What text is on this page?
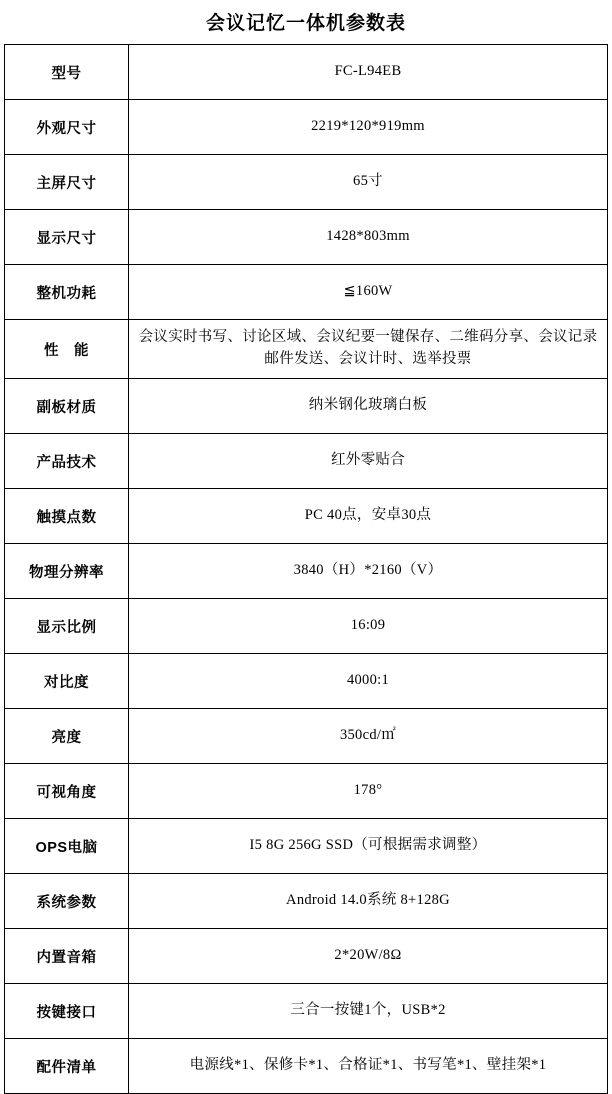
会议记忆一体机参数表
型号	FC-L94EB
外观尺寸	2219*120*919mm
主屏尺寸	65寸
显示尺寸	1428*803mm
整机功耗	≦160W
性　能	会议实时书写、讨论区域、会议纪要一键保存、二维码分享、会议记录邮件发送、会议计时、选举投票
副板材质	纳米钢化玻璃白板
产品技术	红外零贴合
触摸点数	PC 40点，安卓30点
物理分辨率	3840（H）*2160（V）
显示比例	16:09
对比度	4000:1
亮度	350cd/㎡
可视角度	178°
OPS电脑	I5 8G 256G SSD（可根据需求调整）
系统参数	Android 14.0系统 8+128G
内置音箱	2*20W/8Ω
按键接口	三合一按键1个，USB*2
配件清单	电源线*1、保修卡*1、合格证*1、书写笔*1、壁挂架*1
